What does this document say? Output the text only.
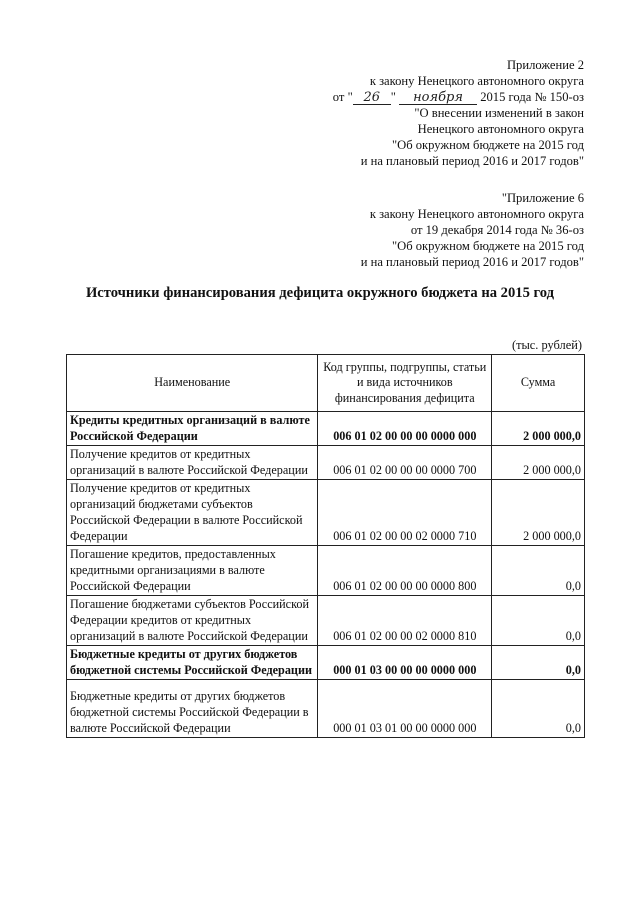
Приложение 2
к закону Ненецкого автономного округа
от " 26 " ноября 2015 года № 150-оз
"О внесении изменений в закон
Ненецкого автономного округа
"Об окружном бюджете на 2015 год
и на плановый период 2016 и 2017 годов"
"Приложение 6
к закону Ненецкого автономного округа
от 19 декабря 2014 года № 36-оз
"Об окружном бюджете на 2015 год
и на плановый период 2016 и 2017 годов"
Источники финансирования дефицита окружного бюджета на 2015 год
(тыс. рублей)
Наименование	Код группы, подгруппы, статьи и вида источников финансирования дефицита	Сумма
Кредиты кредитных организаций в валюте Российской Федерации	006 01 02 00 00 00 0000 000	2 000 000,0
Получение кредитов от кредитных организаций в валюте Российской Федерации	006 01 02 00 00 00 0000 700	2 000 000,0
Получение кредитов от кредитных организаций бюджетами субъектов Российской Федерации в валюте Российской Федерации	006 01 02 00 00 02 0000 710	2 000 000,0
Погашение кредитов, предоставленных кредитными организациями в валюте Российской Федерации	006 01 02 00 00 00 0000 800	0,0
Погашение бюджетами субъектов Российской Федерации кредитов от кредитных организаций в валюте Российской Федерации	006 01 02 00 00 02 0000 810	0,0
Бюджетные кредиты от других бюджетов бюджетной системы Российской Федерации	000 01 03 00 00 00 0000 000	0,0
Бюджетные кредиты от других бюджетов бюджетной системы Российской Федерации в валюте Российской Федерации	000 01 03 01 00 00 0000 000	0,0
